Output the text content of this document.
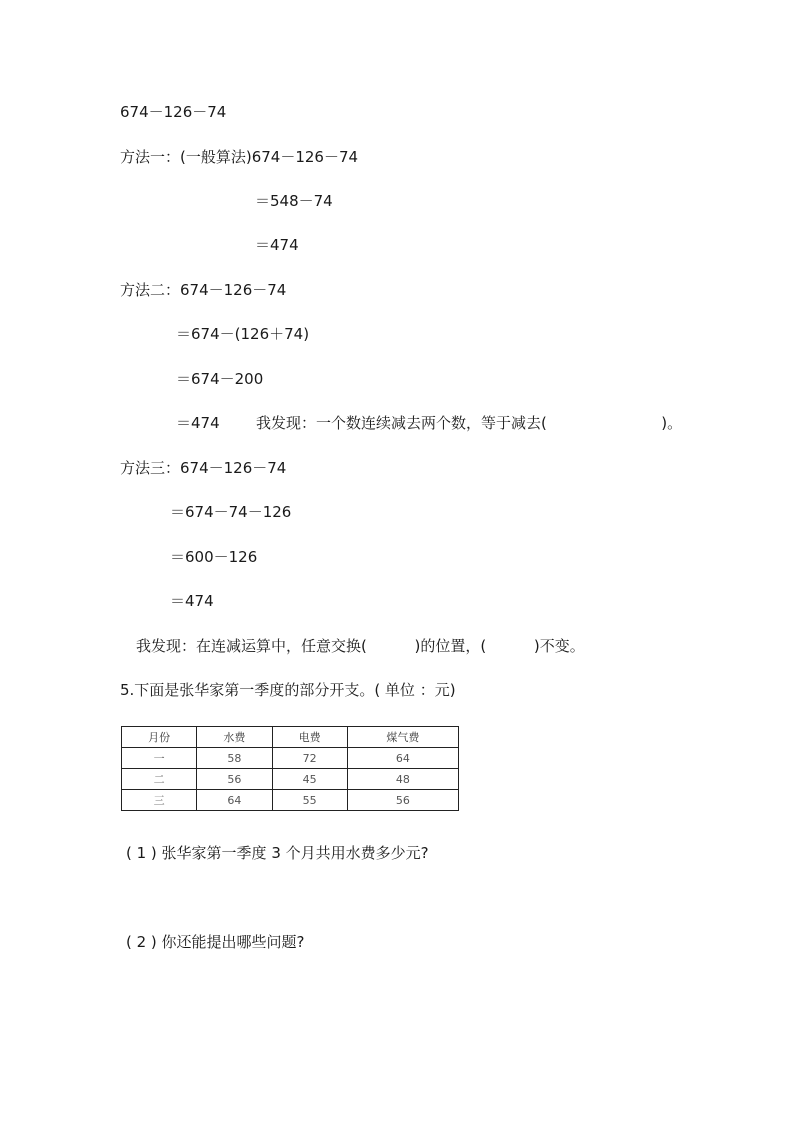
674－126－74
方法一：(一般算法)674－126－74
＝548－74
＝474
方法二：674－126－74
＝674－(126＋74)
＝674－200
＝474 我发现：一个数连续减去两个数，等于减去(                        )。
方法三：674－126－74
＝674－74－126
＝600－126
＝474
我发现：在连减运算中，任意交换(          )的位置，(          )不变。
5.下面是张华家第一季度的部分开支。( 单位 ：元)
月份	水费	电费	煤气费
一	58	72	64
二	56	45	48
三	64	55	56
( 1 ) 张华家第一季度 3 个月共用水费多少元?
( 2 ) 你还能提出哪些问题?
